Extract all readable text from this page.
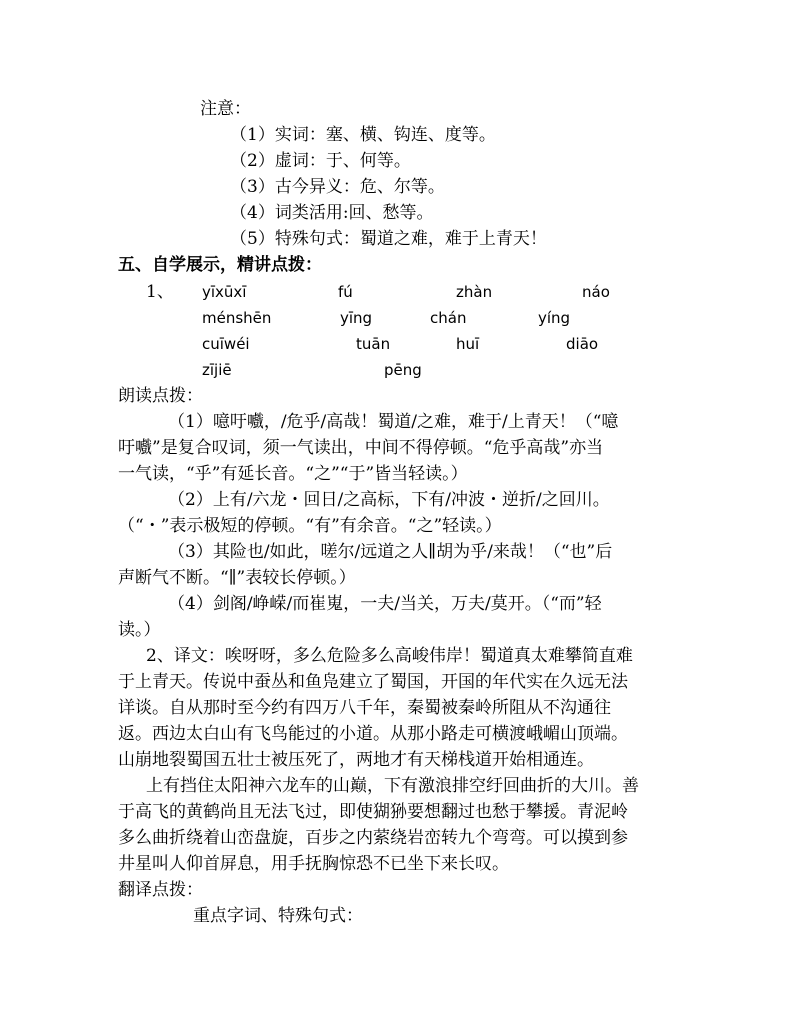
注意：
（1）实词：塞、横、钩连、度等。
（2）虚词：于、何等。
（3）古今异义：危、尔等。
（4）词类活用:回、愁等。
（5）特殊句式：蜀道之难，难于上青天！
五、自学展示，精讲点拨：
1、 yīxūxī	fú	zhàn	náo
ménshēn	yīng	chán	yíng
cuīwéi	tuān	huī	diāo
zījiē	pēng
朗读点拨：
（1）噫吁嚱，/危乎/高哉！蜀道/之难，难于/上青天！（“噫
吁嚱”是复合叹词，须一气读出，中间不得停顿。“危乎高哉”亦当
一气读，“乎”有延长音。“之”“于”皆当轻读。）
（2）上有/六龙・回日/之高标，下有/冲波・逆折/之回川。
（“・”表示极短的停顿。“有”有余音。“之”轻读。）
（3）其险也/如此，嗟尔/远道之人∥胡为乎/来哉！（“也”后
声断气不断。“∥”表较长停顿。）
（4）剑阁/峥嵘/而崔嵬，一夫/当关，万夫/莫开。（“而”轻
读。）
2、译文：唉呀呀，多么危险多么高峻伟岸！蜀道真太难攀简直难
于上青天。传说中蚕丛和鱼凫建立了蜀国，开国的年代实在久远无法
详谈。自从那时至今约有四万八千年，秦蜀被秦岭所阻从不沟通往
返。西边太白山有飞鸟能过的小道。从那小路走可横渡峨嵋山顶端。
山崩地裂蜀国五壮士被压死了，两地才有天梯栈道开始相通连。
上有挡住太阳神六龙车的山巅，下有激浪排空纡回曲折的大川。善
于高飞的黄鹤尚且无法飞过，即使猢狲要想翻过也愁于攀援。青泥岭
多么曲折绕着山峦盘旋，百步之内萦绕岩峦转九个弯弯。可以摸到参
井星叫人仰首屏息，用手抚胸惊恐不已坐下来长叹。
翻译点拨：
重点字词、特殊句式：
